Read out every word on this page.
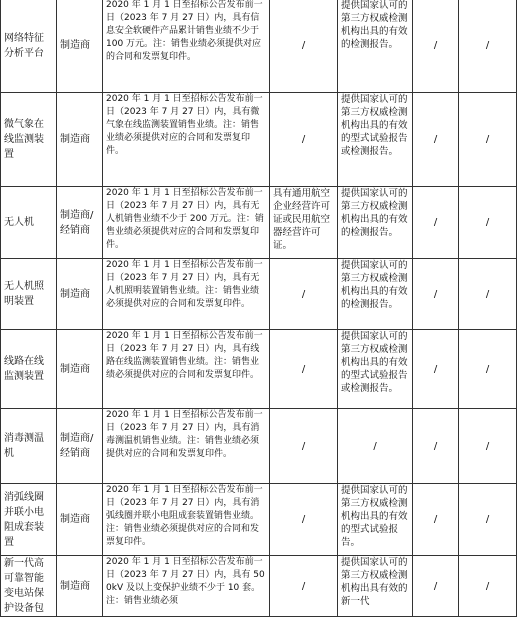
网络特征分析平台	制造商	2020 年 1 月 1 日至招标公告发布前一日（2023 年 7 月 27 日）内，具有信息安全软硬件产品累计销售业绩不少于 100 万元。注：销售业绩必须提供对应的合同和发票复印件。	/	提供国家认可的第三方权威检测机构出具的有效的检测报告。	/	/
微气象在线监测装置	制造商	2020 年 1 月 1 日至招标公告发布前一日（2023 年 7 月 27 日）内，具有微气象在线监测装置销售业绩。注：销售业绩必须提供对应的合同和发票复印件。	/	提供国家认可的第三方权威检测机构出具的有效的型式试验报告或检测报告。	/	/
无人机	制造商/经销商	2020 年 1 月 1 日至招标公告发布前一日（2023 年 7 月 27 日）内，具有无人机销售业绩不少于 200 万元。注：销售业绩必须提供对应的合同和发票复印件。	具有通用航空企业经营许可证或民用航空器经营许可证。	提供国家认可的第三方权威检测机构出具的有效的检测报告。	/	/
无人机照明装置	制造商	2020 年 1 月 1 日至招标公告发布前一日（2023 年 7 月 27 日）内，具有无人机照明装置销售业绩。注：销售业绩必须提供对应的合同和发票复印件。	/	提供国家认可的第三方权威检测机构出具的有效的检测报告。	/	/
线路在线监测装置	制造商	2020 年 1 月 1 日至招标公告发布前一日（2023 年 7 月 27 日）内，具有线路在线监测装置销售业绩。注：销售业绩必须提供对应的合同和发票复印件。	/	提供国家认可的第三方权威检测机构出具的有效的型式试验报告或检测报告。	/	/
消毒测温机	制造商/经销商	2020 年 1 月 1 日至招标公告发布前一日（2023 年 7 月 27 日）内，具有消毒测温机销售业绩。注：销售业绩必须提供对应的合同和发票复印件。	/	/	/	/
消弧线圈并联小电阻成套装置	制造商	2020 年 1 月 1 日至招标公告发布前一日（2023 年 7 月 27 日）内，具有消弧线圈并联小电阻成套装置销售业绩。注：销售业绩必须提供对应的合同和发票复印件。	/	提供国家认可的第三方权威检测机构出具的有效的型式试验报告。	/	/
新一代高可靠智能变电站保护设备包	制造商	2020 年 1 月 1 日至招标公告发布前一日（2023 年 7 月 27 日）内，具有 500kV 及以上变保护业绩不少于 10 套。注：销售业绩必须	/	提供国家认可的第三方权威检测机构出具有效的新一代	/	/
